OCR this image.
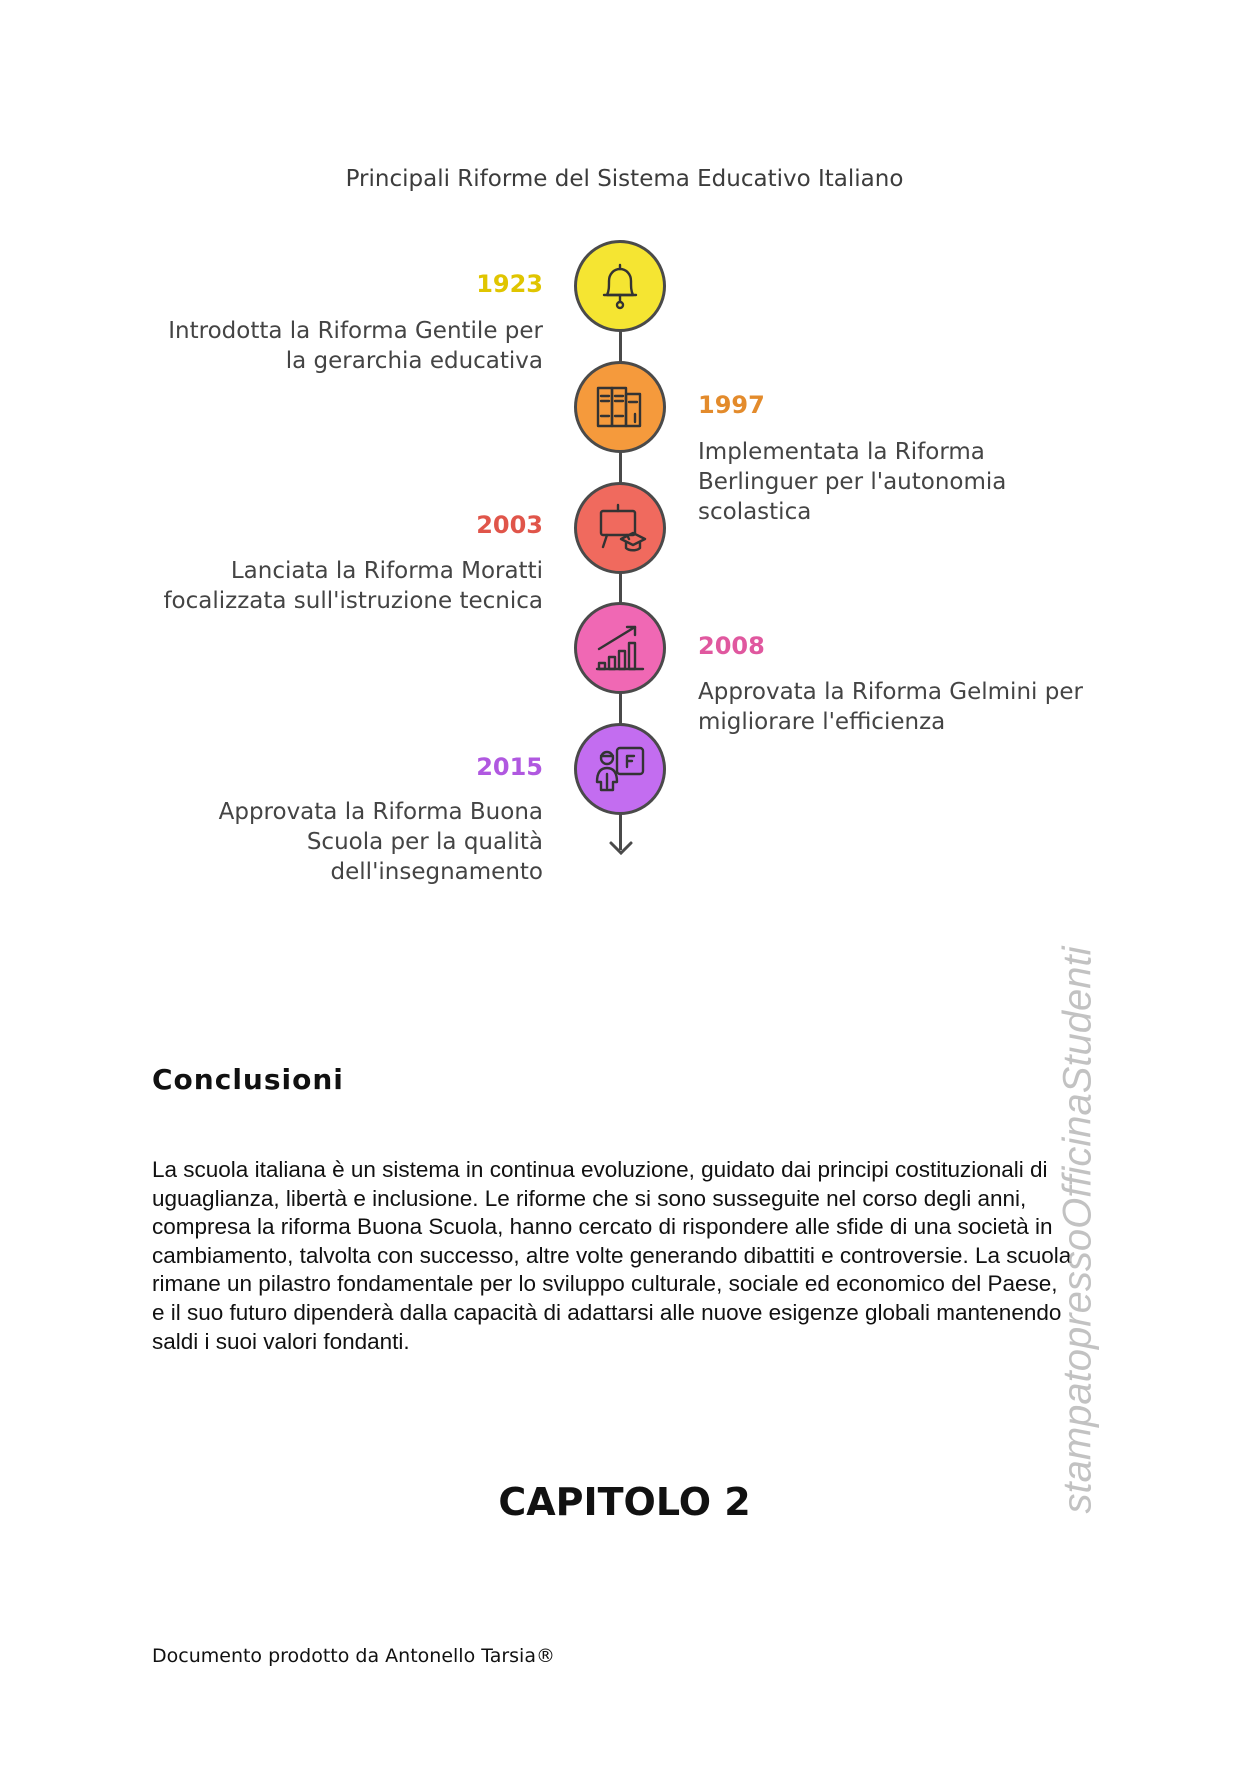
Principali Riforme del Sistema Educativo Italiano
1923
Introdotta la Riforma Gentile per
la gerarchia educativa
1997
Implementata la Riforma
Berlinguer per l'autonomia
scolastica
2003
Lanciata la Riforma Moratti
focalizzata sull'istruzione tecnica
2008
Approvata la Riforma Gelmini per
migliorare l'efficienza
2015
Approvata la Riforma Buona
Scuola per la qualità
dell'insegnamento
Conclusioni
La scuola italiana è un sistema in continua evoluzione, guidato dai principi costituzionali di
uguaglianza, libertà e inclusione. Le riforme che si sono susseguite nel corso degli anni,
compresa la riforma Buona Scuola, hanno cercato di rispondere alle sfide di una società in
cambiamento, talvolta con successo, altre volte generando dibattiti e controversie. La scuola
rimane un pilastro fondamentale per lo sviluppo culturale, sociale ed economico del Paese,
e il suo futuro dipenderà dalla capacità di adattarsi alle nuove esigenze globali mantenendo
saldi i suoi valori fondanti.
CAPITOLO 2
Documento prodotto da Antonello Tarsia®
stampatopressoOfficinaStudenti
